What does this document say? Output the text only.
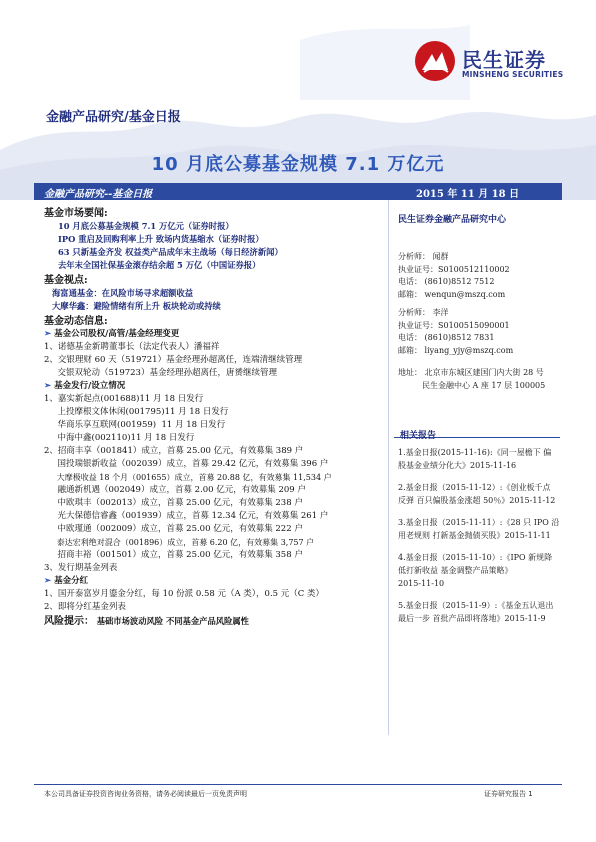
民生证券
MINSHENG SECURITIES
金融产品研究/基金日报
10 月底公募基金规模 7.1 万亿元
金融产品研究--基金日报	2015 年 11 月 18 日
民生证券金融产品研究中心
分析师： 闻群
执业证号：S0100512110002
电话： (8610)8512 7512
邮箱： wenqun@mszq.com
分析师： 李洋
执业证号：S0100515090001
电话： (8610)8512 7831
邮箱： liyang_yjy@mszq.com
地址： 北京市东城区建国门内大街 28 号
民生金融中心 A 座 17 层 100005
相关报告
1.基金日报(2015-11-16):《同一屋檐下 偏
股基金业绩分化大》2015-11-16
2.基金日报（2015-11-12）:《创业板千点
反弹 百只偏股基金涨超 50％》2015-11-12
3.基金日报（2015-11-11）:《28 只 IPO 沿
用老规则 打新基金抛债买股》2015-11-11
4.基金日报（2015-11-10）:《IPO 新规降
低打新收益 基金调整产品策略》
2015-11-10
5.基金日报（2015-11-9）:《基金五认退出
最后一步 首批产品即将落地》2015-11-9
基金市场要闻:
10 月底公募基金规模 7.1 万亿元（证券时报）
IPO 重启及回购利率上升 致场内货基缩水（证券时报）
63 只新基金齐发 权益类产品成年末主战场（每日经济新闻）
去年末全国社保基金滚存结余超 5 万亿（中国证券报）
基金视点:
海富通基金：在风险市场寻求超额收益
大摩华鑫：避险情绪有所上升 板块轮动或持续
基金动态信息:
➢ 基金公司股权/高管/基金经理变更
1、诺德基金新聘董事长（法定代表人）潘福祥
2、交银理财 60 天（519721）基金经理孙超离任，连端清继续管理
交银双轮动（519723）基金经理孙超离任，唐赟继续管理
➢ 基金发行/设立情况
1、嘉实新起点(001688)11 月 18 日发行
上投摩根文体休闲(001795)11 月 18 日发行
华商乐享互联网(001959)  11 月 18 日发行
中海中鑫(002110)11 月 18 日发行
2、招商丰享（001841）成立，首募 25.00 亿元，有效募集 389 户
国投瑞银新收益（002039）成立，首募 29.42 亿元，有效募集 396 户
大摩极收益 18 个月（001655）成立，首募 20.88 亿，有效募集 11,534 户
融通新机遇（002049）成立，首募 2.00 亿元，有效募集 209 户
中欧琪丰（002013）成立，首募 25.00 亿元，有效募集 238 户
光大保德信睿鑫（001939）成立，首募 12.34 亿元，有效募集 261 户
中欧瑾通（002009）成立，首募 25.00 亿元，有效募集 222 户
泰达宏利绝对混合（001896）成立，首募 6.20 亿，有效募集 3,757 户
招商丰裕（001501）成立，首募 25.00 亿元，有效募集 358 户
3、发行期基金列表
➢ 基金分红
1、国开泰富岁月鎏金分红，每 10 份派 0.58 元（A 类），0.5 元（C 类）
2、即将分红基金列表
风险提示： 基础市场波动风险 不同基金产品风险属性
本公司具备证券投资咨询业务资格，请务必阅读最后一页免责声明	证券研究报告 1
